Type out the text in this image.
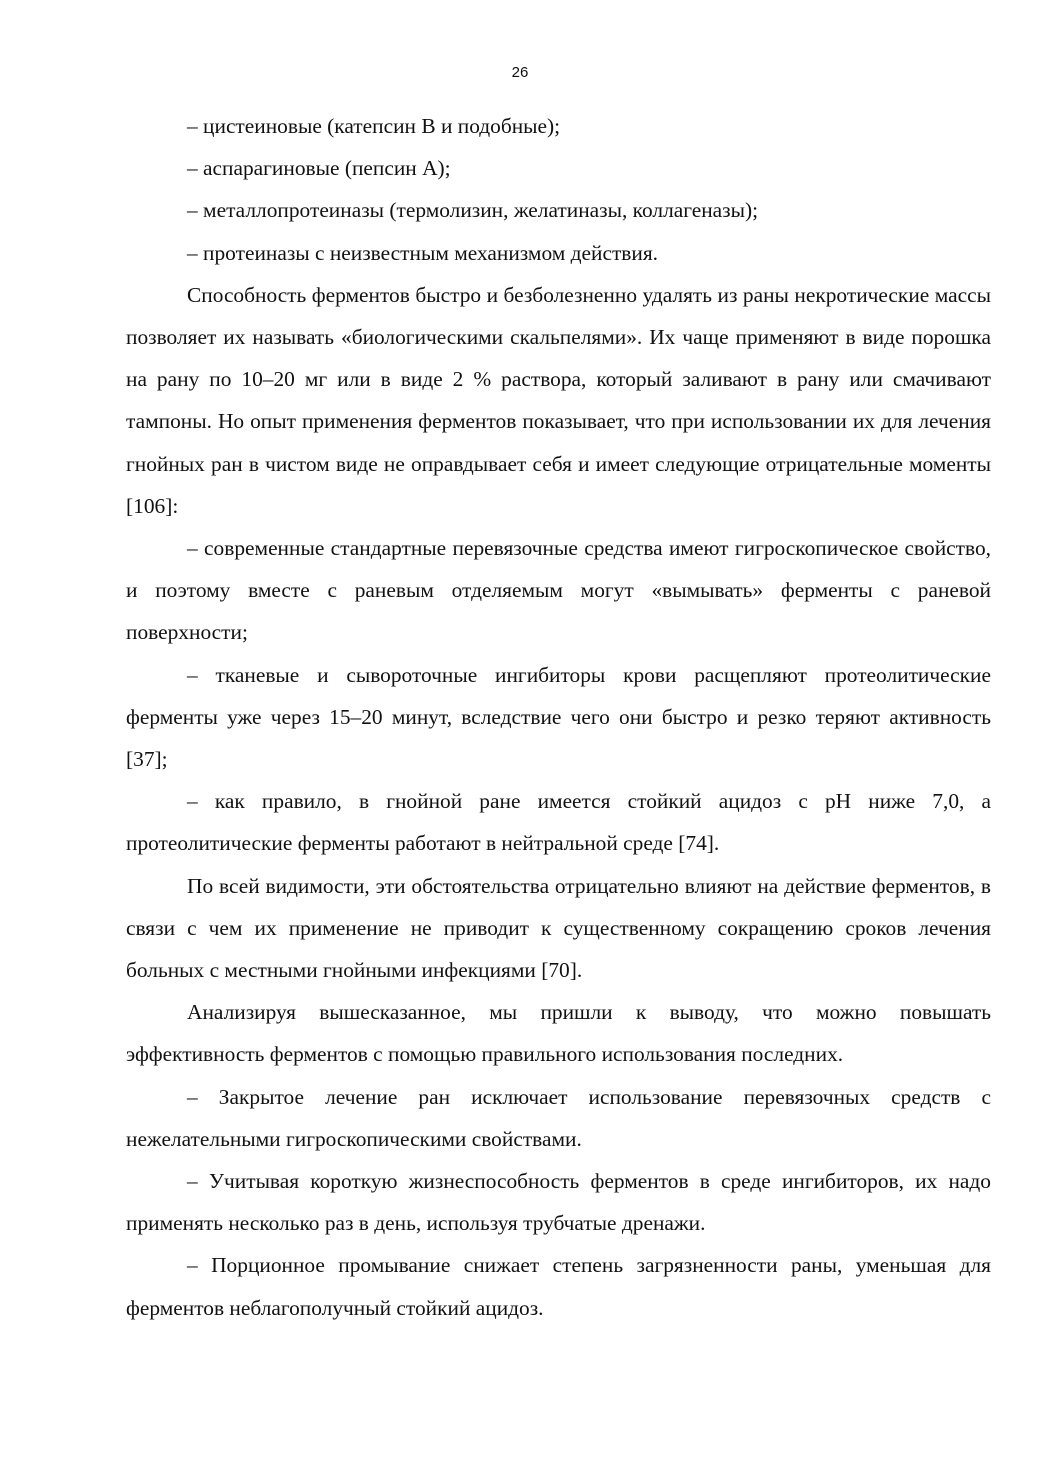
26

– цистеиновые (катепсин В и подобные);

– аспарагиновые (пепсин А);

– металлопротеиназы (термолизин, желатиназы, коллагеназы);

– протеиназы с неизвестным механизмом действия.

Способность ферментов быстро и безболезненно удалять из раны некротические массы позволяет их называть «биологическими скальпелями». Их чаще применяют в виде порошка на рану по 10–20 мг или в виде 2 % раствора, который заливают в рану или смачивают тампоны. Но опыт применения ферментов показывает, что при использовании их для лечения гнойных ран в чистом виде не оправдывает себя и имеет следующие отрицательные моменты [106]:

– современные стандартные перевязочные средства имеют гигроскопическое свойство, и поэтому вместе с раневым отделяемым могут «вымывать» ферменты с раневой поверхности;

– тканевые и сывороточные ингибиторы крови расщепляют протеолитические ферменты уже через 15–20 минут, вследствие чего они быстро и резко теряют активность [37];

– как правило, в гнойной ране имеется стойкий ацидоз с pH ниже 7,0, а протеолитические ферменты работают в нейтральной среде [74].

По всей видимости, эти обстоятельства отрицательно влияют на действие ферментов, в связи с чем их применение не приводит к существенному сокращению сроков лечения больных с местными гнойными инфекциями [70].

Анализируя вышесказанное, мы пришли к выводу, что можно повышать эффективность ферментов с помощью правильного использования последних.

– Закрытое лечение ран исключает использование перевязочных средств с нежелательными гигроскопическими свойствами.

– Учитывая короткую жизнеспособность ферментов в среде ингибиторов, их надо применять несколько раз в день, используя трубчатые дренажи.

– Порционное промывание снижает степень загрязненности раны, уменьшая для ферментов неблагополучный стойкий ацидоз.
